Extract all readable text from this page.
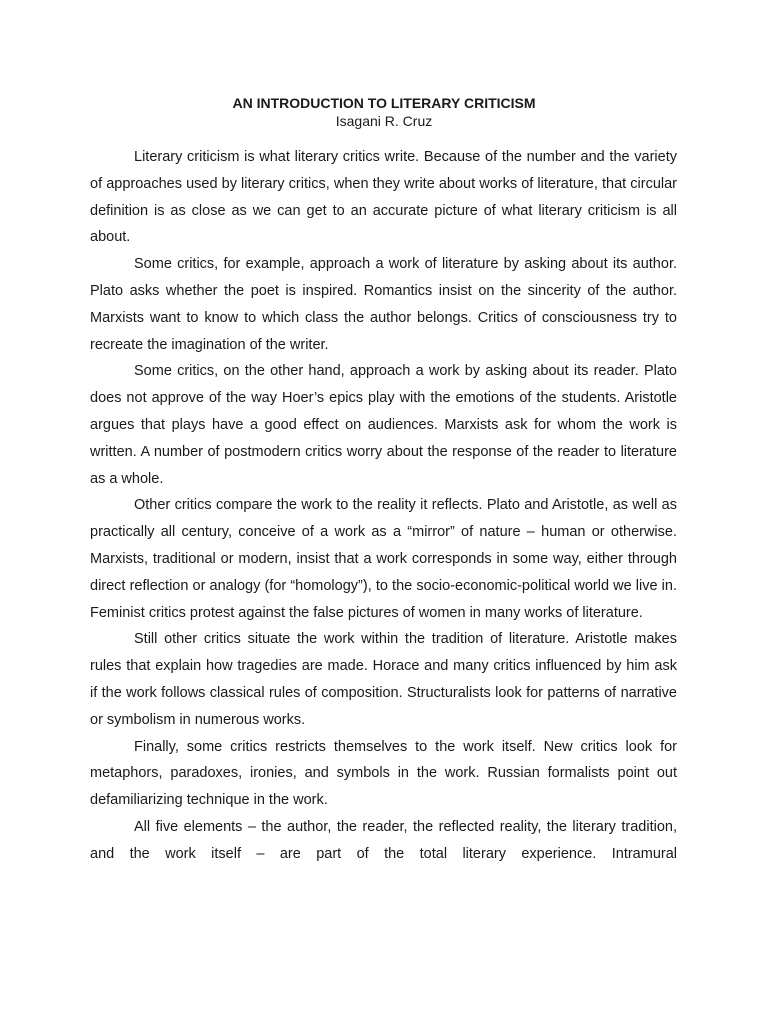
AN INTRODUCTION TO LITERARY CRITICISM
Isagani R. Cruz

Literary criticism is what literary critics write. Because of the number and the variety of approaches used by literary critics, when they write about works of literature, that circular definition is as close as we can get to an accurate picture of what literary criticism is all about.

Some critics, for example, approach a work of literature by asking about its author. Plato asks whether the poet is inspired. Romantics insist on the sincerity of the author. Marxists want to know to which class the author belongs. Critics of consciousness try to recreate the imagination of the writer.

Some critics, on the other hand, approach a work by asking about its reader. Plato does not approve of the way Hoer’s epics play with the emotions of the students. Aristotle argues that plays have a good effect on audiences. Marxists ask for whom the work is written. A number of postmodern critics worry about the response of the reader to literature as a whole.

Other critics compare the work to the reality it reflects. Plato and Aristotle, as well as practically all century, conceive of a work as a “mirror” of nature – human or otherwise. Marxists, traditional or modern, insist that a work corresponds in some way, either through direct reflection or analogy (for “homology”), to the socio-economic-political world we live in. Feminist critics protest against the false pictures of women in many works of literature.

Still other critics situate the work within the tradition of literature. Aristotle makes rules that explain how tragedies are made. Horace and many critics influenced by him ask if the work follows classical rules of composition. Structuralists look for patterns of narrative or symbolism in numerous works.

Finally, some critics restricts themselves to the work itself. New critics look for metaphors, paradoxes, ironies, and symbols in the work. Russian formalists point out defamiliarizing technique in the work.

All five elements – the author, the reader, the reflected reality, the literary tradition, and the work itself – are part of the total literary experience. Intramural
